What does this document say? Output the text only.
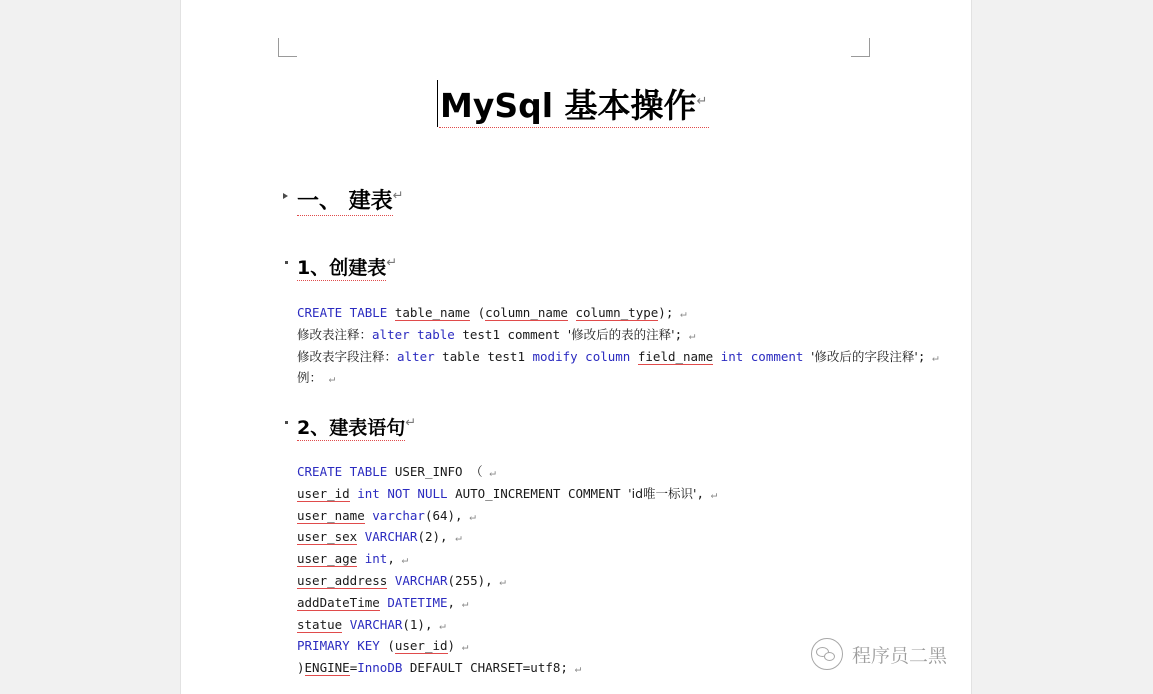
MySql 基本操作↵
一、 建表↵
1、创建表↵
CREATE TABLE table_name (column_name column_type); ↵
修改表注释：alter table test1 comment '修改后的表的注释'; ↵
修改表字段注释：alter table test1 modify column field_name int comment '修改后的字段注释'; ↵
例： ↵
2、建表语句↵
CREATE TABLE USER_INFO （ ↵
user_id int NOT NULL AUTO_INCREMENT COMMENT 'id唯一标识', ↵
user_name varchar(64), ↵
user_sex VARCHAR(2), ↵
user_age int, ↵
user_address VARCHAR(255), ↵
addDateTime DATETIME, ↵
statue VARCHAR(1), ↵
PRIMARY KEY (user_id) ↵
)ENGINE=InnoDB DEFAULT CHARSET=utf8; ↵
程序员二黑
